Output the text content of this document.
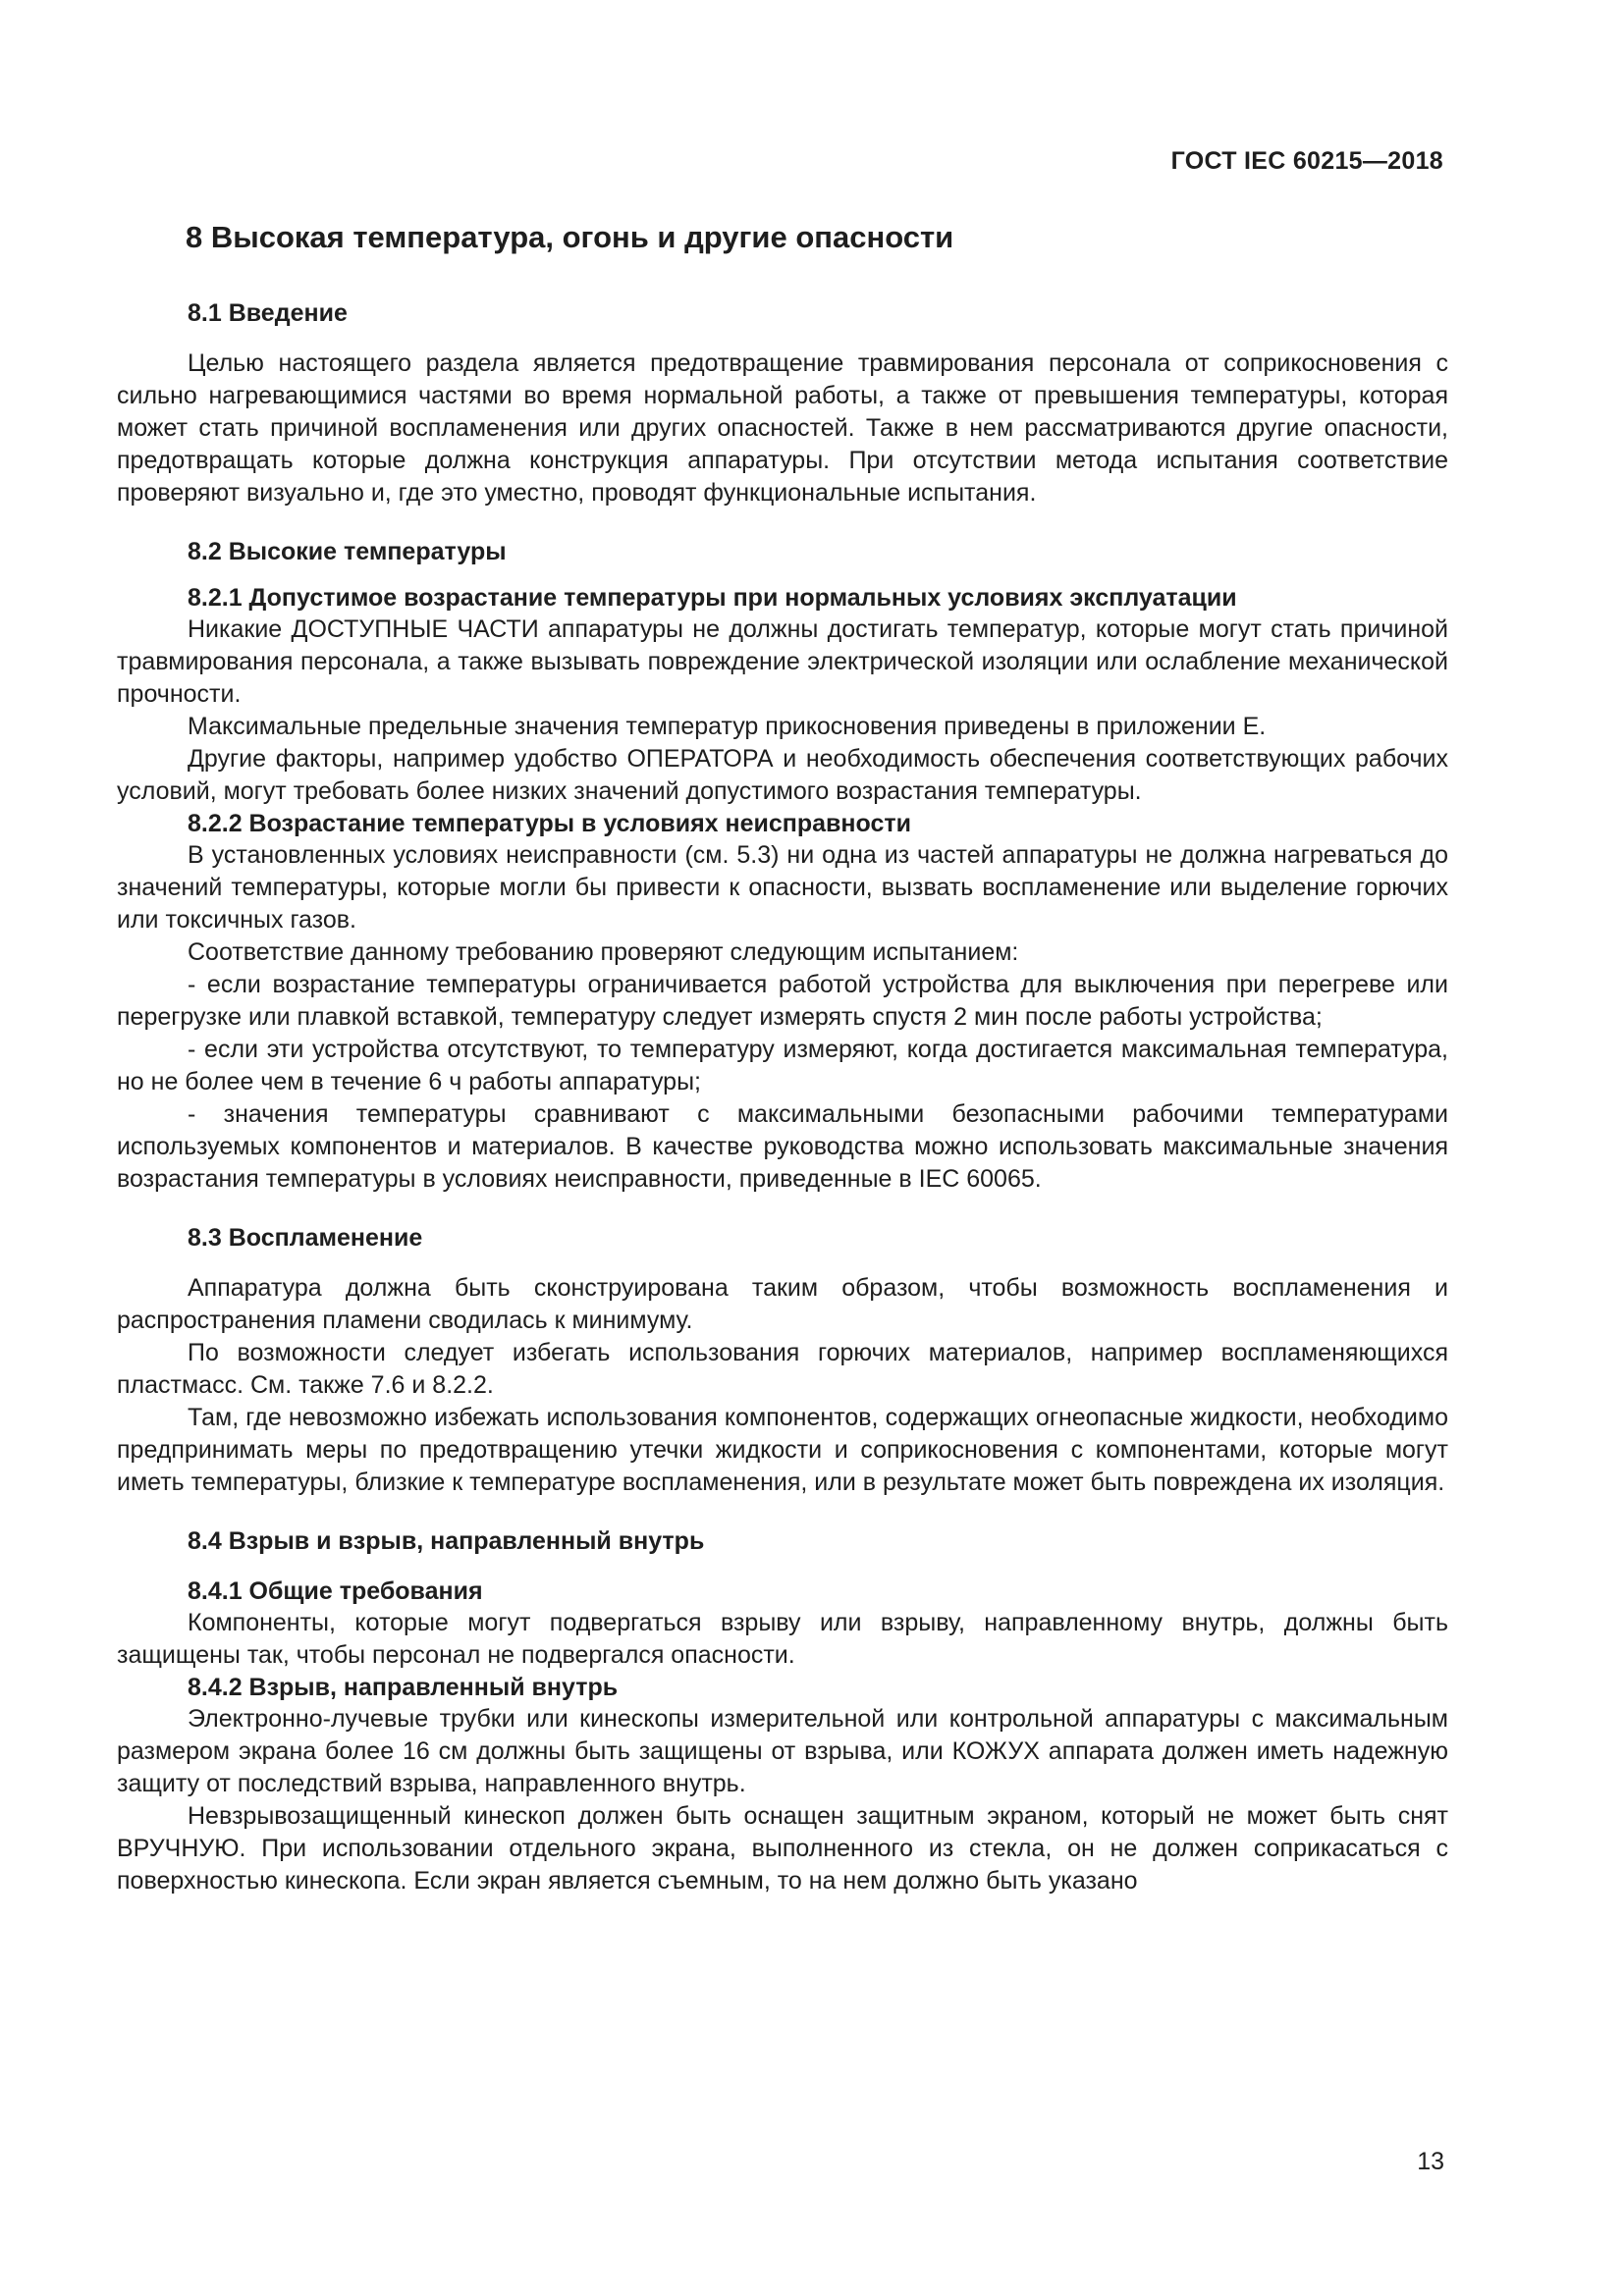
ГОСТ IEC 60215—2018
8 Высокая температура, огонь и другие опасности
8.1 Введение

Целью настоящего раздела является предотвращение травмирования персонала от соприкосновения с сильно нагревающимися частями во время нормальной работы, а также от превышения температуры, которая может стать причиной воспламенения или других опасностей. Также в нем рассматриваются другие опасности, предотвращать которые должна конструкция аппаратуры. При отсутствии метода испытания соответствие проверяют визуально и, где это уместно, проводят функциональные испытания.

8.2 Высокие температуры
8.2.1 Допустимое возрастание температуры при нормальных условиях эксплуатации

Никакие ДОСТУПНЫЕ ЧАСТИ аппаратуры не должны достигать температур, которые могут стать причиной травмирования персонала, а также вызывать повреждение электрической изоляции или ослабление механической прочности.

Максимальные предельные значения температур прикосновения приведены в приложении Е.

Другие факторы, например удобство ОПЕРАТОРА и необходимость обеспечения соответствующих рабочих условий, могут требовать более низких значений допустимого возрастания температуры.

8.2.2 Возрастание температуры в условиях неисправности

В установленных условиях неисправности (см. 5.3) ни одна из частей аппаратуры не должна нагреваться до значений температуры, которые могли бы привести к опасности, вызвать воспламенение или выделение горючих или токсичных газов.

Соответствие данному требованию проверяют следующим испытанием:

- если возрастание температуры ограничивается работой устройства для выключения при перегреве или перегрузке или плавкой вставкой, температуру следует измерять спустя 2 мин после работы устройства;

- если эти устройства отсутствуют, то температуру измеряют, когда достигается максимальная температура, но не более чем в течение 6 ч работы аппаратуры;

- значения температуры сравнивают с максимальными безопасными рабочими температурами используемых компонентов и материалов. В качестве руководства можно использовать максимальные значения возрастания температуры в условиях неисправности, приведенные в IEC 60065.

8.3 Воспламенение

Аппаратура должна быть сконструирована таким образом, чтобы возможность воспламенения и распространения пламени сводилась к минимуму.

По возможности следует избегать использования горючих материалов, например воспламеняющихся пластмасс. См. также 7.6 и 8.2.2.

Там, где невозможно избежать использования компонентов, содержащих огнеопасные жидкости, необходимо предпринимать меры по предотвращению утечки жидкости и соприкосновения с компонентами, которые могут иметь температуры, близкие к температуре воспламенения, или в результате может быть повреждена их изоляция.

8.4 Взрыв и взрыв, направленный внутрь
8.4.1 Общие требования

Компоненты, которые могут подвергаться взрыву или взрыву, направленному внутрь, должны быть защищены так, чтобы персонал не подвергался опасности.

8.4.2 Взрыв, направленный внутрь

Электронно-лучевые трубки или кинескопы измерительной или контрольной аппаратуры с максимальным размером экрана более 16 см должны быть защищены от взрыва, или КОЖУХ аппарата должен иметь надежную защиту от последствий взрыва, направленного внутрь.

Невзрывозащищенный кинескоп должен быть оснащен защитным экраном, который не может быть снят ВРУЧНУЮ. При использовании отдельного экрана, выполненного из стекла, он не должен соприкасаться с поверхностью кинескопа. Если экран является съемным, то на нем должно быть указано

13
